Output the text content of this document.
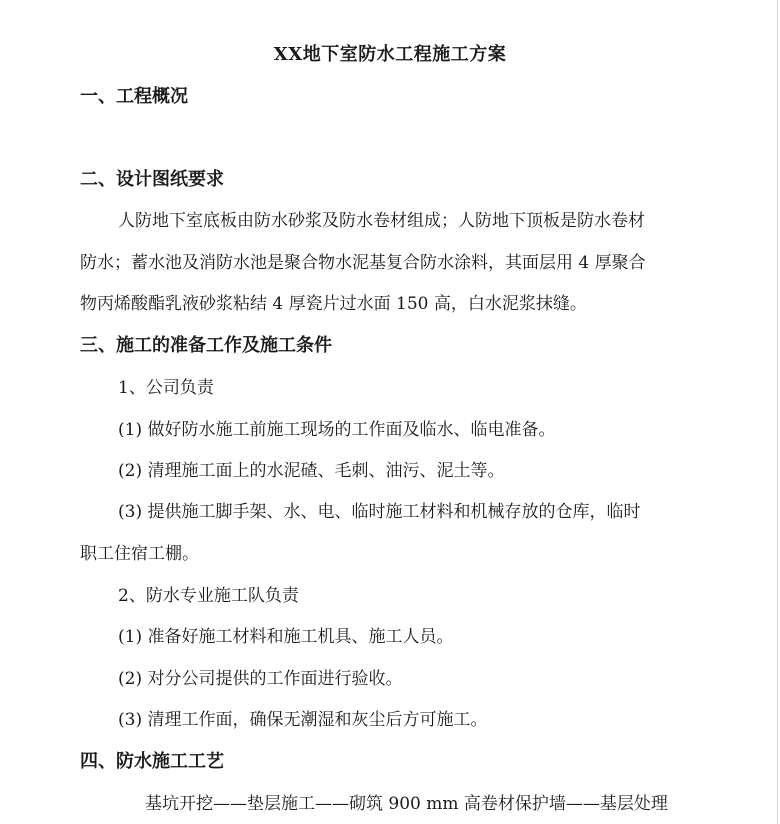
XX地下室防水工程施工方案
一、工程概况
二、设计图纸要求
人防地下室底板由防水砂浆及防水卷材组成；人防地下顶板是防水卷材
防水；蓄水池及消防水池是聚合物水泥基复合防水涂料，其面层用 4 厚聚合
物丙烯酸酯乳液砂浆粘结 4 厚瓷片过水面 150 高，白水泥浆抹缝。
三、施工的准备工作及施工条件
1、公司负责
(1) 做好防水施工前施工现场的工作面及临水、临电准备。
(2) 清理施工面上的水泥碴、毛刺、油污、泥土等。
(3) 提供施工脚手架、水、电、临时施工材料和机械存放的仓库，临时
职工住宿工棚。
2、防水专业施工队负责
(1) 准备好施工材料和施工机具、施工人员。
(2) 对分公司提供的工作面进行验收。
(3) 清理工作面，确保无潮湿和灰尘后方可施工。
四、防水施工工艺
基坑开挖——垫层施工——砌筑 900 mm 高卷材保护墙——基层处理
